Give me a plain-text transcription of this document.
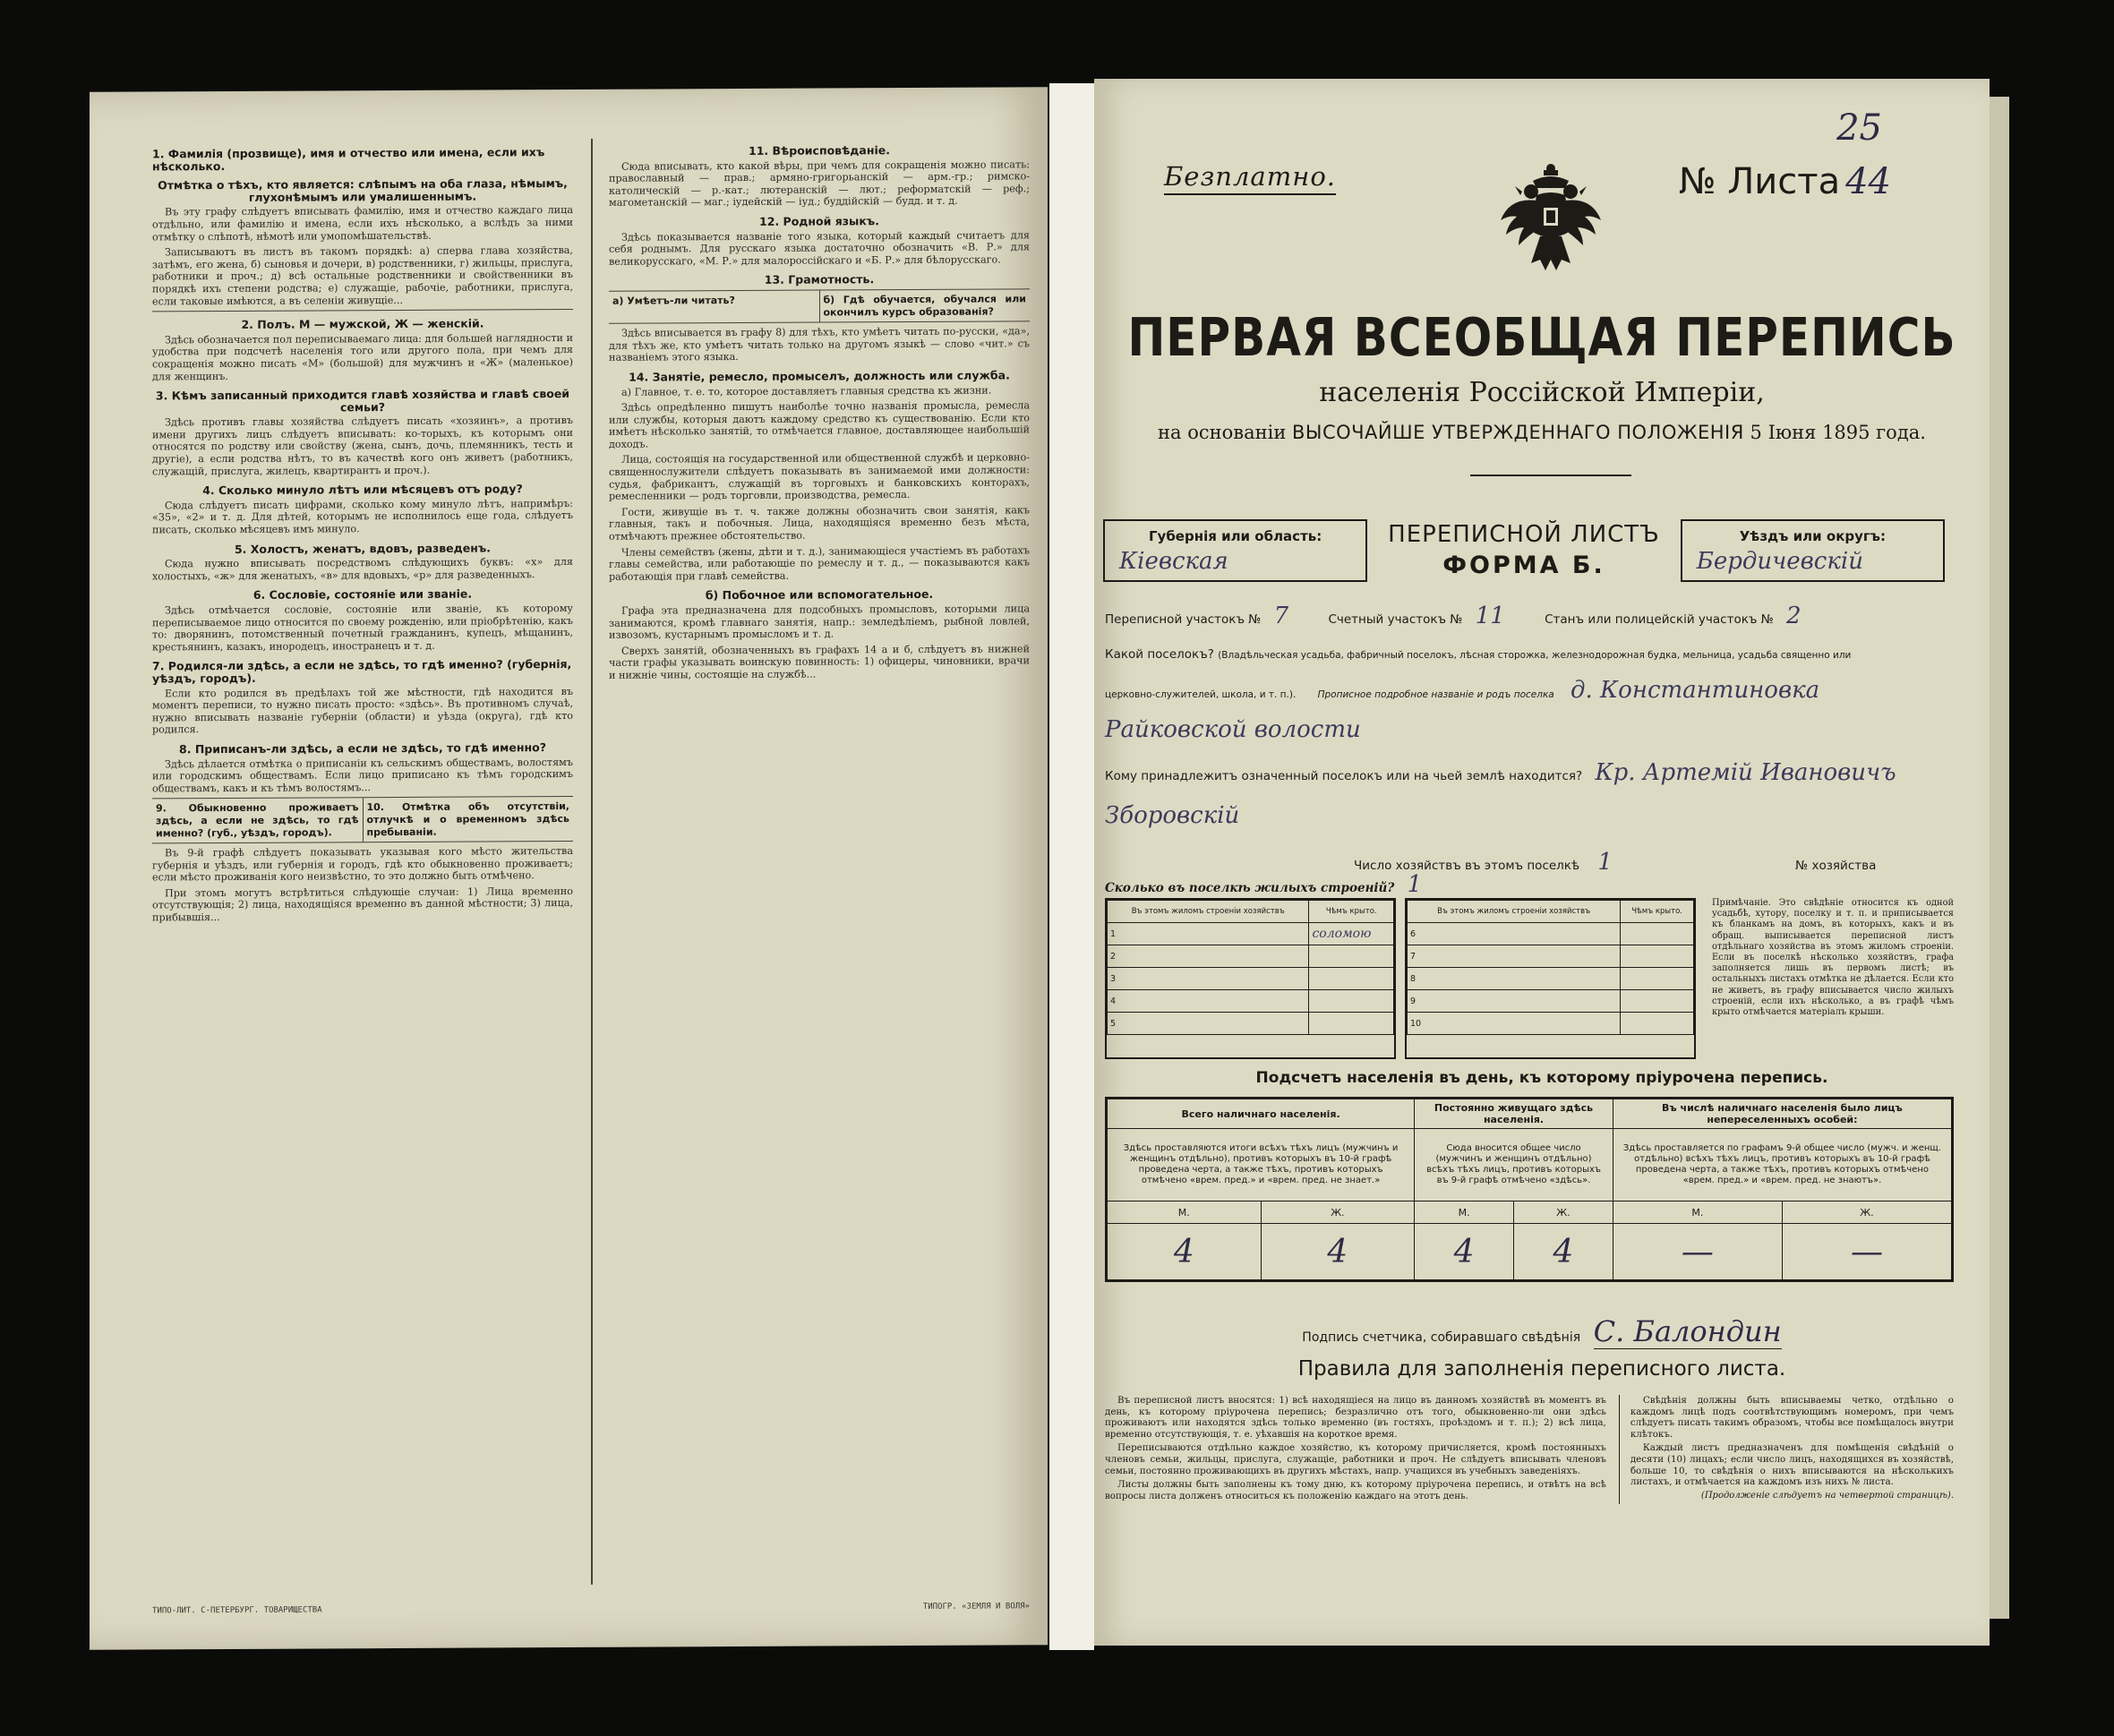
1. Фамилія (прозвище), имя и отчество или имена, если ихъ нѣсколько.
Отмѣтка о тѣхъ, кто является: слѣпымъ на оба глаза, нѣмымъ, глухонѣмымъ или умалишеннымъ.

Въ эту графу слѣдуетъ вписывать фамилію, имя и отчество каждаго лица отдѣльно, или фамилію и имена, если ихъ нѣсколько, а вслѣдъ за ними отмѣтку о слѣпотѣ, нѣмотѣ или умопомѣшательствѣ.

Записываютъ въ листъ въ такомъ порядкѣ: а) сперва глава хозяйства, затѣмъ, его жена, б) сыновья и дочери, в) родственники, г) жильцы, прислуга, работники и проч.; д) всѣ остальные родственники и свойственники въ порядкѣ ихъ степени родства; е) служащіе, рабочіе, работники, прислуга, если таковые имѣются, а въ селеніи живущіе...

2. Полъ. М — мужской, Ж — женскій.

Здѣсь обозначается пол переписываемаго лица: для большей наглядности и удобства при подсчетѣ населенія того или другого пола, при чемъ для сокращенія можно писать «М» (большой) для мужчинъ и «Ж» (маленькое) для женщинъ.

3. Кѣмъ записанный приходится главѣ хозяйства и главѣ своей семьи?

Здѣсь противъ главы хозяйства слѣдуетъ писать «хозяинъ», а противъ имени другихъ лицъ слѣдуетъ вписывать: ко-торыхъ, къ которымъ они относятся по родству или свойству (жена, сынъ, дочь, племянникъ, тесть и другіе), а если родства нѣтъ, то въ качествѣ кого онъ живетъ (работникъ, служащій, прислуга, жилецъ, квартирантъ и проч.).

4. Сколько минуло лѣтъ или мѣсяцевъ отъ роду?

Сюда слѣдуетъ писать цифрами, сколько кому минуло лѣтъ, напримѣръ: «35», «2» и т. д. Для дѣтей, которымъ не исполнилось еще года, слѣдуетъ писать, сколько мѣсяцевъ имъ минуло.

5. Холостъ, женатъ, вдовъ, разведенъ.

Сюда нужно вписывать посредствомъ слѣдующихъ буквъ: «х» для холостыхъ, «ж» для женатыхъ, «в» для вдовыхъ, «р» для разведенныхъ.

6. Сословіе, состояніе или званіе.

Здѣсь отмѣчается сословіе, состояніе или званіе, къ которому переписываемое лицо относится по своему рожденію, или пріобрѣтенію, какъ то: дворянинъ, потомственный почетный гражданинъ, купецъ, мѣщанинъ, крестьянинъ, казакъ, инородецъ, иностранецъ и т. д.

7. Родился-ли здѣсь, а если не здѣсь, то гдѣ именно? (губернія, уѣздъ, городъ).

Если кто родился въ предѣлахъ той же мѣстности, гдѣ находится въ моментъ переписи, то нужно писать просто: «здѣсь». Въ противномъ случаѣ, нужно вписывать названіе губерніи (области) и уѣзда (округа), гдѣ кто родился.

8. Приписанъ-ли здѣсь, а если не здѣсь, то гдѣ именно?

Здѣсь дѣлается отмѣтка о приписаніи къ сельскимъ обществамъ, волостямъ или городскимъ обществамъ. Если лицо приписано къ тѣмъ городскимъ обществамъ, какъ и къ тѣмъ волостямъ...

9. Обыкновенно проживаетъ здѣсь, а если не здѣсь, то гдѣ именно? (губ., уѣздъ, городъ).
10. Отмѣтка объ отсутствіи, отлучкѣ и о временномъ здѣсь пребываніи.

Въ 9-й графѣ слѣдуетъ показывать указывая кого мѣсто жительства губернія и уѣздъ, или губернія и городъ, гдѣ кто обыкновенно проживаетъ; если мѣсто проживанія кого неизвѣстно, то это должно быть отмѣчено.

При этомъ могутъ встрѣтиться слѣдующіе случаи: 1) Лица временно отсутствующія; 2) лица, находящіяся временно въ данной мѣстности; 3) лица, прибывшія...

11. Вѣроисповѣданіе.

Сюда вписывать, кто какой вѣры, при чемъ для сокращенія можно писать: православный — прав.; армяно-григорьанскій — арм.-гр.; римско-католическій — р.-кат.; лютеранскій — лют.; реформатскій — реф.; магометанскій — маг.; іудейскій — іуд.; буддійскій — будд. и т. д.

12. Родной языкъ.

Здѣсь показывается названіе того языка, который каждый считаетъ для себя роднымъ. Для русскаго языка достаточно обозначить «В. Р.» для великорусскаго, «М. Р.» для малороссійскаго и «Б. Р.» для бѣлорусскаго.

13. Грамотность.
а) Умѣетъ-ли читать?	б) Гдѣ обучается, обучался или окончилъ курсъ образованія?

Здѣсь вписывается въ графу 8) для тѣхъ, кто умѣетъ читать по-русски, «да», для тѣхъ же, кто умѣетъ читать только на другомъ языкѣ — слово «чит.» съ названіемъ этого языка.

14. Занятіе, ремесло, промыселъ, должность или служба.

а) Главное, т. е. то, которое доставляетъ главныя средства къ жизни.

Здѣсь опредѣленно пишутъ наиболѣе точно названія промысла, ремесла или службы, которыя даютъ каждому средство къ существованію. Если кто имѣетъ нѣсколько занятій, то отмѣчается главное, доставляющее наибольшій доходъ.

Лица, состоящія на государственной или общественной службѣ и церковно-священнослужители слѣдуетъ показывать въ занимаемой ими должности: судья, фабрикантъ, служащій въ торговыхъ и банковскихъ конторахъ, ремесленники — родъ торговли, производства, ремесла.

Гости, живущіе въ т. ч. также должны обозначить свои занятія, какъ главныя, такъ и побочныя. Лица, находящіяся временно безъ мѣста, отмѣчаютъ прежнее обстоятельство.

Члены семействъ (жены, дѣти и т. д.), занимающіеся участіемъ въ работахъ главы семейства, или работающіе по ремеслу и т. д., — показываются какъ работающія при главѣ семейства.

б) Побочное или вспомогательное.

Графа эта предназначена для подсобныхъ промысловъ, которыми лица занимаются, кромѣ главнаго занятія, напр.: земледѣліемъ, рыбной ловлей, извозомъ, кустарнымъ промысломъ и т. д.

Сверхъ занятій, обозначенныхъ въ графахъ 14 а и б, слѣдуетъ въ нижней части графы указывать воинскую повинность: 1) офицеры, чиновники, врачи и нижніе чины, состоящіе на службѣ...

ТИПО-ЛИТ. С-ПЕТЕРБУРГ. ТОВАРИЩЕСТВА	ТИПОГР. «ЗЕМЛЯ И ВОЛЯ»
25
Безплатно.	№ Листа 44
ПЕРВАЯ ВСЕОБЩАЯ ПЕРЕПИСЬ
населенія Россійской Имперіи,
на основаніи ВЫСОЧАЙШЕ УТВЕРЖДЕННАГО ПОЛОЖЕНІЯ 5 Іюня 1895 года.
Губернія или область:
Кіевская
ПЕРЕПИСНОЙ ЛИСТЪ
ФОРМА Б.
Уѣздъ или округъ:
Бердичевскій
Переписной участокъ № 7	Счетный участокъ № 11	Станъ или полицейскій участокъ № 2
Какой поселокъ? (Владѣльческая усадьба, фабричный поселокъ, лѣсная сторожка, железнодорожная будка, мельница, усадьба священно или
церковно-служителей, школа, и т. п.). Прописное подробное названіе и родъ поселка д. Константиновка
Райковской волости
Кому принадлежитъ означенный поселокъ или на чьей землѣ находится? Кр. Артемій Ивановичъ
Зборовскій
Число хозяйствъ въ этомъ поселкѣ 1	№ хозяйства
Сколько въ поселкѣ жилыхъ строеній? 1
Въ этомъ жиломъ строеніи хозяйствъ	Чѣмъ крыто.
1	соломою
2	
3	
4	
5	
Въ этомъ жиломъ строеніи хозяйствъ	Чѣмъ крыто.
6	
7	
8	
9	
10	
Примѣчаніе. Это свѣдѣніе относится къ одной усадьбѣ, хутору, поселку и т. п. и приписывается къ бланкамъ на домъ, въ которыхъ, какъ и въ обращ. выписывается переписной листъ отдѣльнаго хозяйства въ этомъ жиломъ строеніи. Если въ поселкѣ нѣсколько хозяйствъ, графа заполняется лишь въ первомъ листѣ; въ остальныхъ листахъ отмѣтка не дѣлается. Если кто не живетъ, въ графу вписывается число жилыхъ строеній, если ихъ нѣсколько, а въ графѣ чѣмъ крыто отмѣчается матеріалъ крыши.
Подсчетъ населенія въ день, къ которому пріурочена перепись.
Всего наличнаго населенія.		Постоянно живущаго здѣсь населенія.		Въ числѣ наличнаго населенія было лицъ непереселенныхъ особей:	
Здѣсь проставляются итоги всѣхъ тѣхъ лицъ (мужчинъ и женщинъ отдѣльно), противъ которыхъ въ 10-й графѣ проведена черта, а также тѣхъ, противъ которыхъ отмѣчено «врем. пред.» и «врем. пред. не знает.»		Сюда вносится общее число (мужчинъ и женщинъ отдѣльно) всѣхъ тѣхъ лицъ, противъ которыхъ въ 9-й графѣ отмѣчено «здѣсь».		Здѣсь проставляется по графамъ 9-й общее число (мужч. и женщ. отдѣльно) всѣхъ тѣхъ лицъ, противъ которыхъ въ 10-й графѣ проведена черта, а также тѣхъ, противъ которыхъ отмѣчено «врем. пред.» и «врем. пред. не знаютъ».	
М.	Ж.	М.	Ж.	М.	Ж.
4	4	4	4	—	—
Подпись счетчика, собиравшаго свѣдѣнія С. Балондин
Правила для заполненія переписного листа.

Въ переписной листъ вносятся: 1) всѣ находящіеся на лицо въ данномъ хозяйствѣ въ моментъ въ день, къ которому пріурочена перепись; безразлично отъ того, обыкновенно-ли они здѣсь проживаютъ или находятся здѣсь только временно (въ гостяхъ, проѣздомъ и т. п.); 2) всѣ лица, временно отсутствующія, т. е. уѣхавшія на короткое время.

Переписываются отдѣльно каждое хозяйство, къ которому причисляется, кромѣ постоянныхъ членовъ семьи, жильцы, прислуга, служащіе, работники и проч. Не слѣдуетъ вписывать членовъ семьи, постоянно проживающихъ въ другихъ мѣстахъ, напр. учащихся въ учебныхъ заведеніяхъ.

Листы должны быть заполнены къ тому дню, къ которому пріурочена перепись, и отвѣтъ на всѣ вопросы листа долженъ относиться къ положенію каждаго на этотъ день.

Свѣдѣнія должны быть вписываемы четко, отдѣльно о каждомъ лицѣ подъ соотвѣтствующимъ номеромъ, при чемъ слѣдуетъ писать такимъ образомъ, чтобы все помѣщалось внутри клѣтокъ.

Каждый листъ предназначенъ для помѣщенія свѣдѣній о десяти (10) лицахъ; если число лицъ, находящихся въ хозяйствѣ, больше 10, то свѣдѣнія о нихъ вписываются на нѣсколькихъ листахъ, и отмѣчается на каждомъ изъ нихъ № листа.

(Продолженіе слѣдуетъ на четвертой страницѣ).
